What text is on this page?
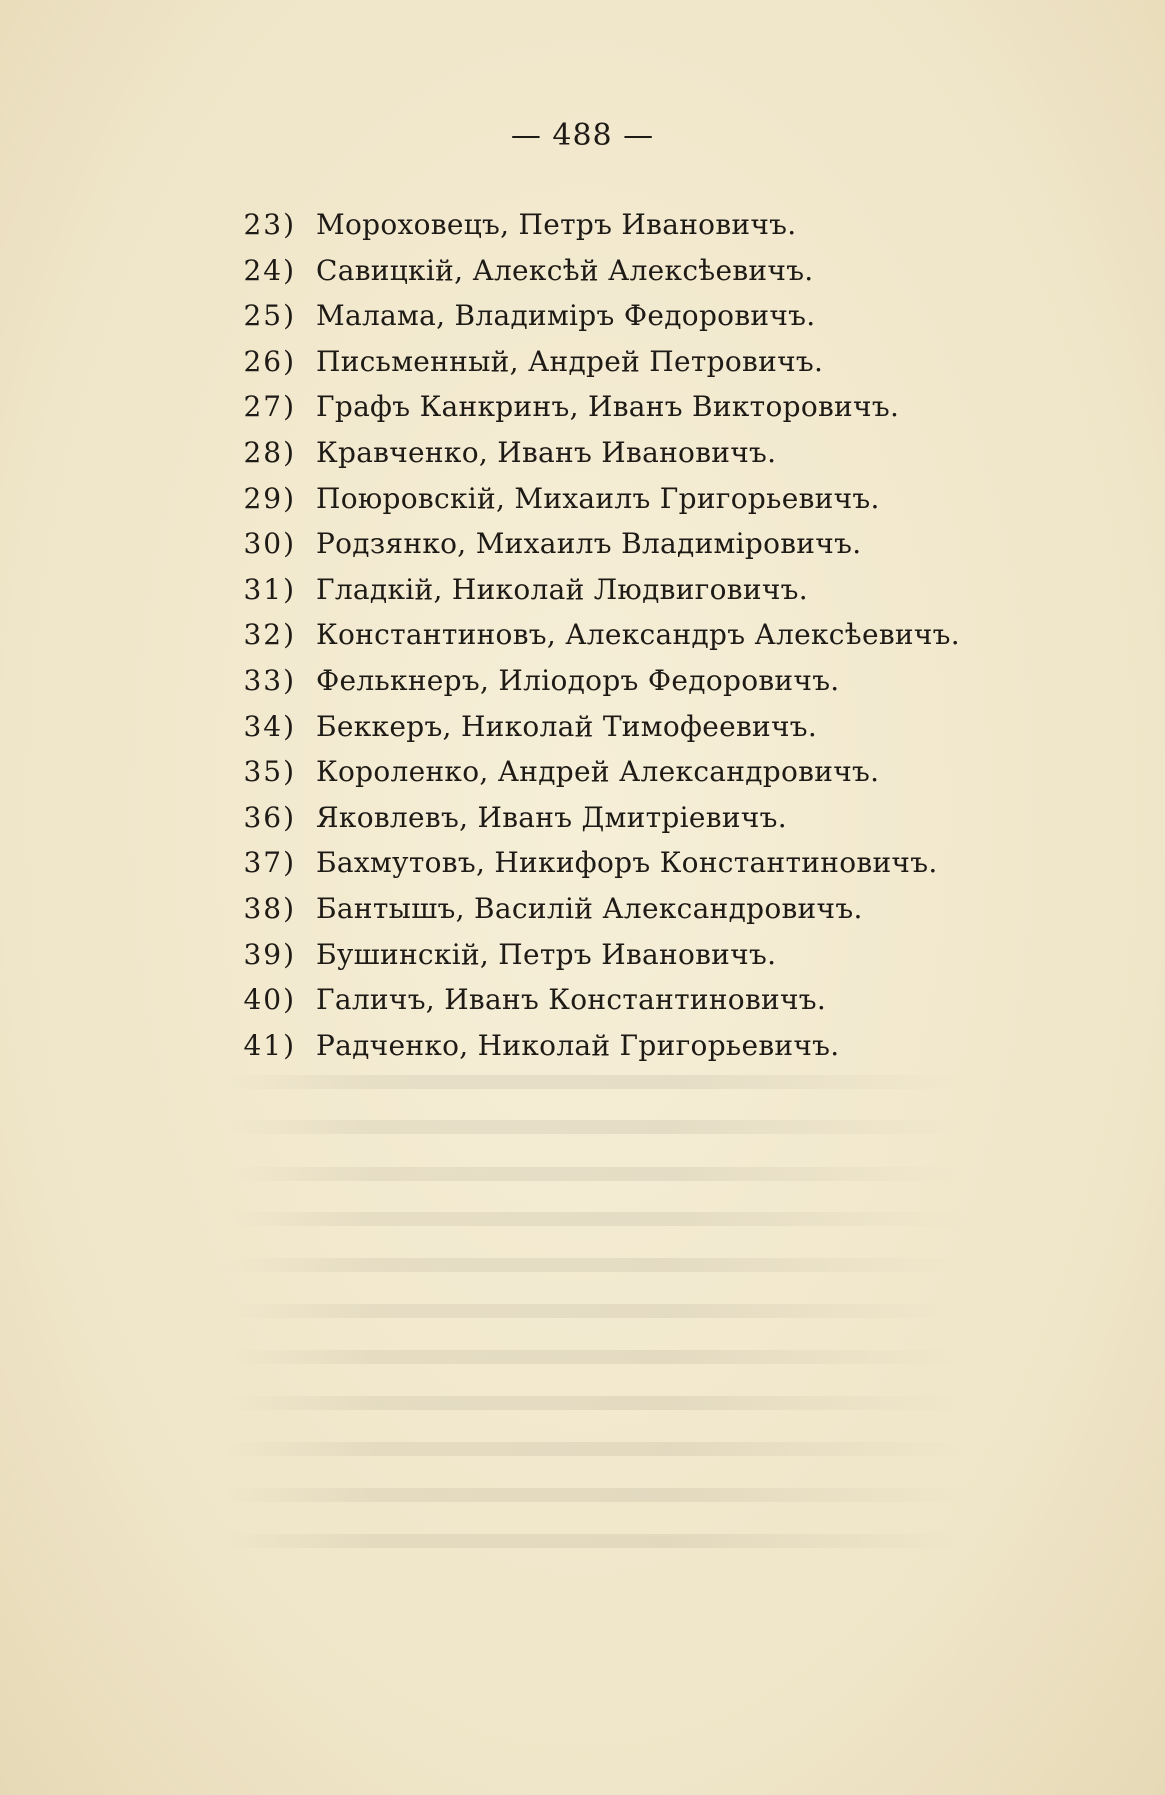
— 488 —
23) Мороховецъ, Петръ Ивановичъ.
24) Савицкій, Алексѣй Алексѣевичъ.
25) Малама, Владиміръ Федоровичъ.
26) Письменный, Андрей Петровичъ.
27) Графъ Канкринъ, Иванъ Викторовичъ.
28) Кравченко, Иванъ Ивановичъ.
29) Поюровскій, Михаилъ Григорьевичъ.
30) Родзянко, Михаилъ Владиміровичъ.
31) Гладкій, Николай Людвиговичъ.
32) Константиновъ, Александръ Алексѣевичъ.
33) Фелькнеръ, Иліодоръ Федоровичъ.
34) Беккеръ, Николай Тимофеевичъ.
35) Короленко, Андрей Александровичъ.
36) Яковлевъ, Иванъ Дмитріевичъ.
37) Бахмутовъ, Никифоръ Константиновичъ.
38) Бантышъ, Василій Александровичъ.
39) Бушинскій, Петръ Ивановичъ.
40) Галичъ, Иванъ Константиновичъ.
41) Радченко, Николай Григорьевичъ.
